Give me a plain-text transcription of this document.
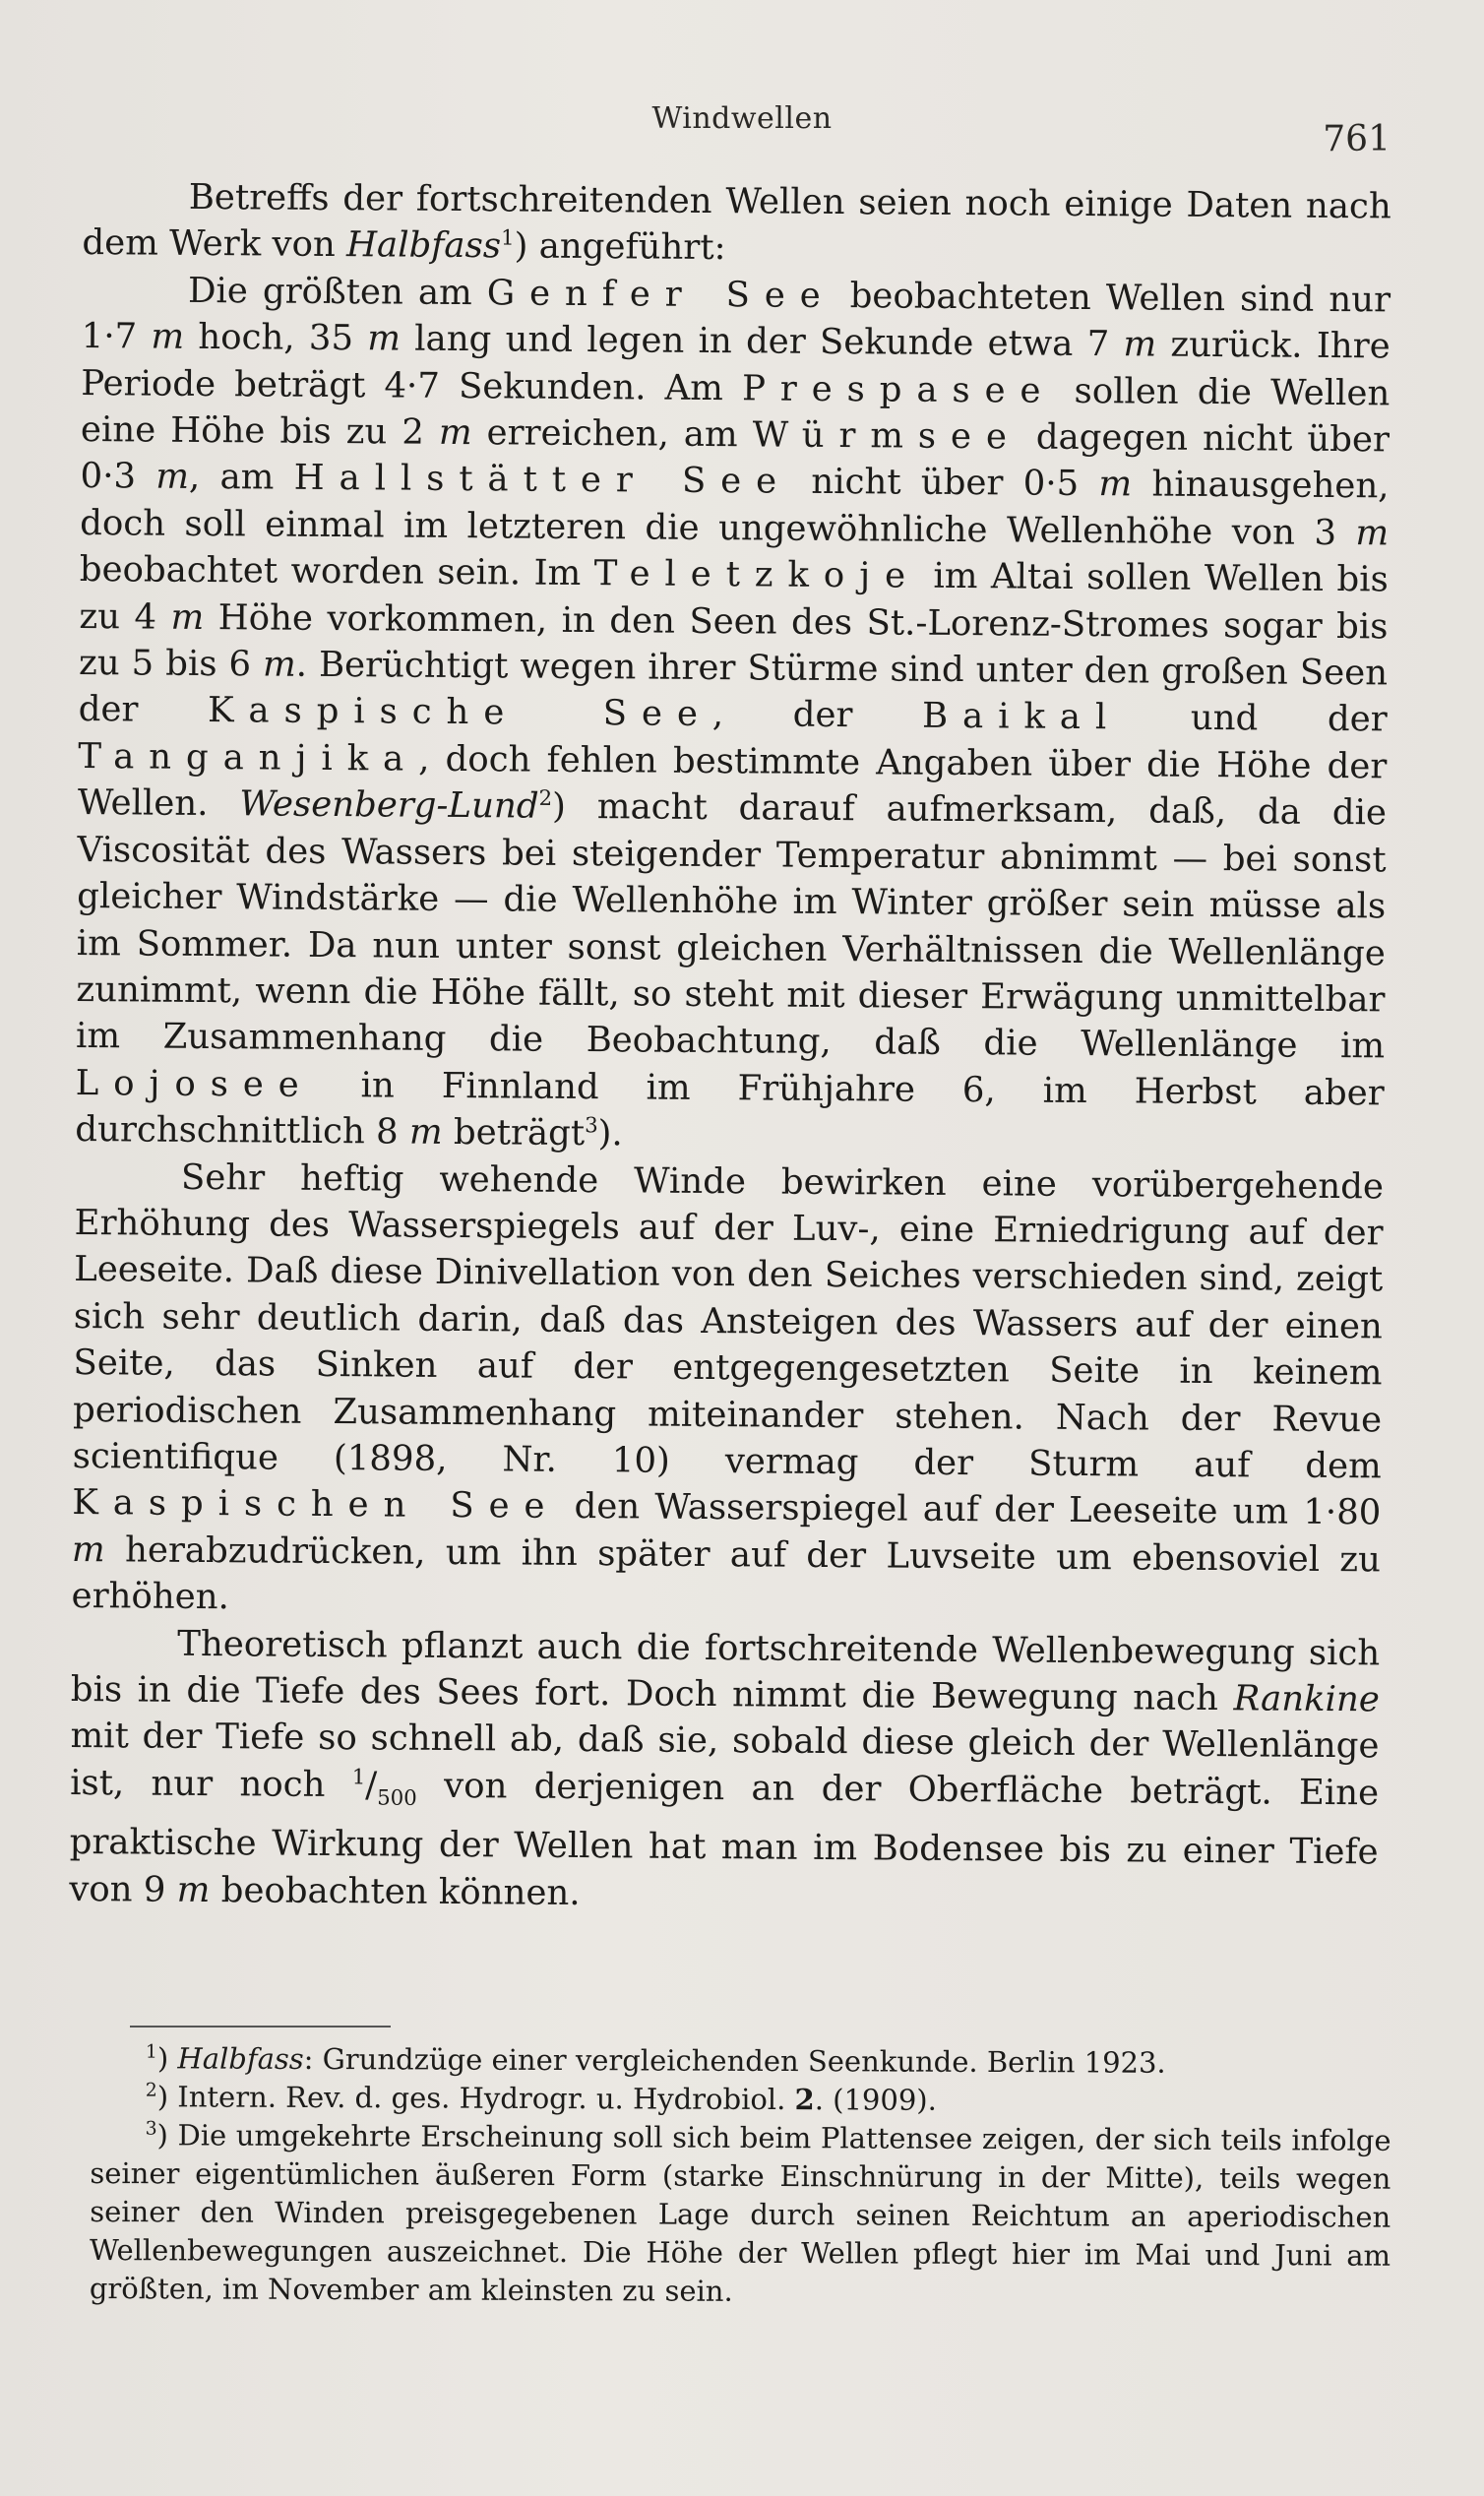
Windwellen
761

Betreffs der fortschreitenden Wellen seien noch einige Daten nach dem Werk von Halbfass$^1$) angeführt:

Die größten am Genfer See beobachteten Wellen sind nur 1·7 m hoch, 35 m lang und legen in der Sekunde etwa 7 m zurück. Ihre Periode beträgt 4·7 Sekunden. Am Prespasee sollen die Wellen eine Höhe bis zu 2 m erreichen, am Würmsee dagegen nicht über 0·3 m, am Hallstätter See nicht über 0·5 m hinausgehen, doch soll einmal im letzteren die ungewöhnliche Wellenhöhe von 3 m beobachtet worden sein. Im Teletzkoje im Altai sollen Wellen bis zu 4 m Höhe vorkommen, in den Seen des St.-Lorenz-Stromes sogar bis zu 5 bis 6 m. Berüchtigt wegen ihrer Stürme sind unter den großen Seen der Kaspische See, der Baikal und der Tanganjika, doch fehlen bestimmte Angaben über die Höhe der Wellen. Wesenberg-Lund$^2$) macht darauf aufmerksam, daß, da die Viscosität des Wassers bei steigender Temperatur abnimmt — bei sonst gleicher Windstärke — die Wellenhöhe im Winter größer sein müsse als im Sommer. Da nun unter sonst gleichen Verhältnissen die Wellenlänge zunimmt, wenn die Höhe fällt, so steht mit dieser Erwägung unmittelbar im Zusammenhang die Beobachtung, daß die Wellenlänge im Lojosee in Finnland im Frühjahre 6, im Herbst aber durchschnittlich 8 m beträgt$^3$).

Sehr heftig wehende Winde bewirken eine vorübergehende Erhöhung des Wasserspiegels auf der Luv-, eine Erniedrigung auf der Leeseite. Daß diese Dinivellation von den Seiches verschieden sind, zeigt sich sehr deutlich darin, daß das Ansteigen des Wassers auf der einen Seite, das Sinken auf der entgegengesetzten Seite in keinem periodischen Zusammenhang miteinander stehen. Nach der Revue scientifique (1898, Nr. 10) vermag der Sturm auf dem Kaspischen See den Wasserspiegel auf der Leeseite um 1·80 m herabzudrücken, um ihn später auf der Luvseite um ebensoviel zu erhöhen.

Theoretisch pflanzt auch die fortschreitende Wellenbewegung sich bis in die Tiefe des Sees fort. Doch nimmt die Bewegung nach Rankine mit der Tiefe so schnell ab, daß sie, sobald diese gleich der Wellenlänge ist, nur noch $^1/_{500}$ von derjenigen an der Oberfläche beträgt. Eine praktische Wirkung der Wellen hat man im Bodensee bis zu einer Tiefe von 9 m beobachten können.

$^1$) Halbfass: Grundzüge einer vergleichenden Seenkunde. Berlin 1923.

$^2$) Intern. Rev. d. ges. Hydrogr. u. Hydrobiol. 2. (1909).

$^3$) Die umgekehrte Erscheinung soll sich beim Plattensee zeigen, der sich teils infolge seiner eigentümlichen äußeren Form (starke Einschnürung in der Mitte), teils wegen seiner den Winden preisgegebenen Lage durch seinen Reichtum an aperiodischen Wellenbewegungen auszeichnet. Die Höhe der Wellen pflegt hier im Mai und Juni am größten, im November am kleinsten zu sein.
